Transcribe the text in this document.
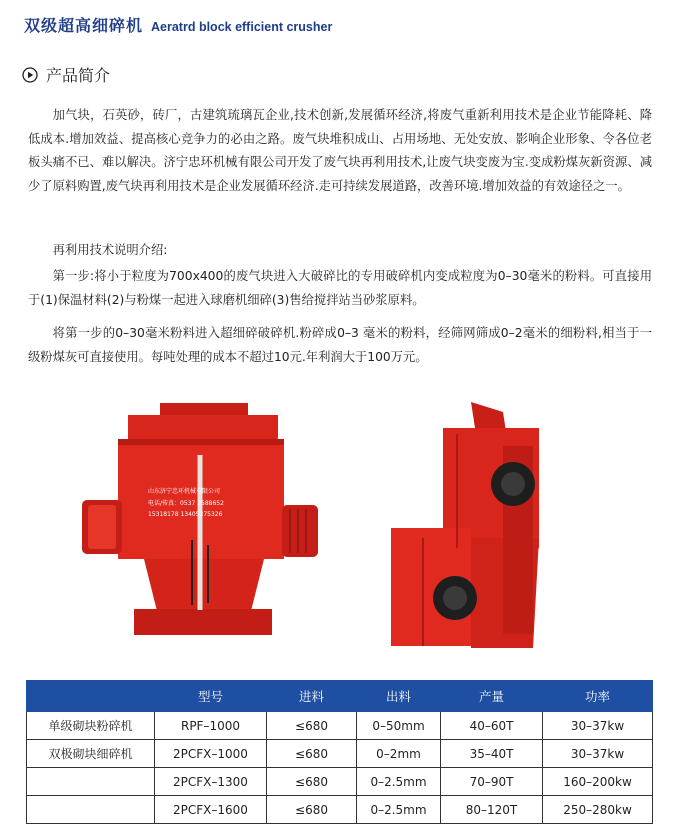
双级超高细碎机 Aeratrd block efficient crusher
产品简介

加气块，石英砂，砖厂，古建筑琉璃瓦企业,技术创新,发展循环经济,将废气重新利用技术是企业节能降耗、降低成本.增加效益、提高核心竞争力的必由之路。废气块堆积成山、占用场地、无处安放、影响企业形象、令各位老板头痛不已、难以解决。济宁忠环机械有限公司开发了废气块再利用技术,让废气块变废为宝.变成粉煤灰新资源、减少了原料购置,废气块再利用技术是企业发展循环经济.走可持续发展道路，改善环境.增加效益的有效途径之一。

再利用技术说明介绍:

第一步:将小于粒度为700x400的废气块进入大破碎比的专用破碎机内变成粒度为0–30毫米的粉料。可直接用于(1)保温材料(2)与粉煤一起进入球磨机细碎(3)售给搅拌站当砂浆原料。

将第一步的0–30毫米粉料进入超细碎破碎机.粉碎成0–3 毫米的粉料，经筛网筛成0–2毫米的细粉料,相当于一级粉煤灰可直接使用。每吨处理的成本不超过10元.年利润大于100万元。

山东济宁忠环机械有限公司
电话/传真：0537 2588652
15318178 13405375326
	型号	进料	出料	产量	功率
单级砌块粉碎机	RPF–1000	≤680	0–50mm	40–60T	30–37kw
双极砌块细碎机	2PCFX–1000	≤680	0–2mm	35–40T	30–37kw
	2PCFX–1300	≤680	0–2.5mm	70–90T	160–200kw
	2PCFX–1600	≤680	0–2.5mm	80–120T	250–280kw
